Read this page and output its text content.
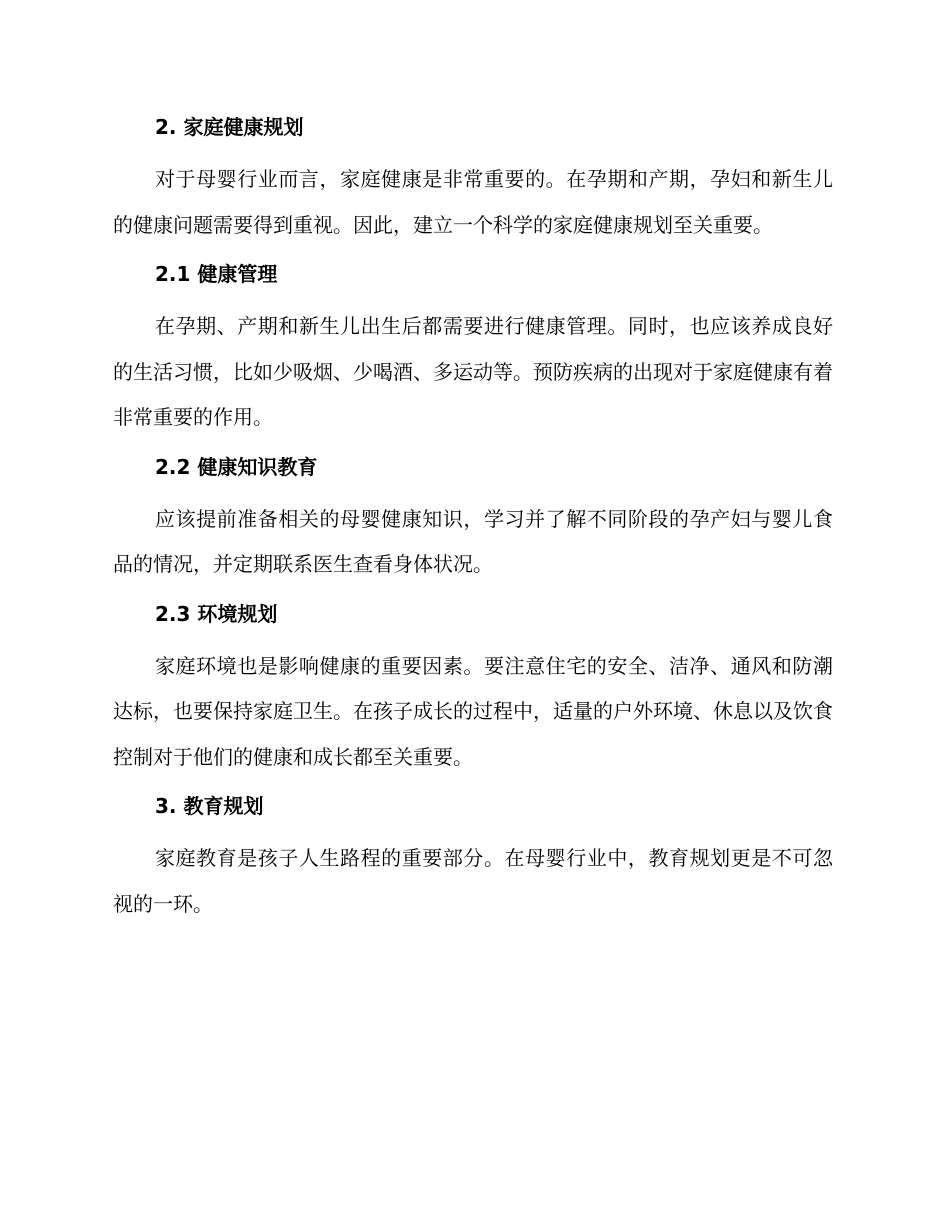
2. 家庭健康规划

对于母婴行业而言，家庭健康是非常重要的。在孕期和产期，孕妇和新生儿的健康问题需要得到重视。因此，建立一个科学的家庭健康规划至关重要。

2.1 健康管理

在孕期、产期和新生儿出生后都需要进行健康管理。同时，也应该养成良好的生活习惯，比如少吸烟、少喝酒、多运动等。预防疾病的出现对于家庭健康有着非常重要的作用。

2.2 健康知识教育

应该提前准备相关的母婴健康知识，学习并了解不同阶段的孕产妇与婴儿食品的情况，并定期联系医生查看身体状况。

2.3 环境规划

家庭环境也是影响健康的重要因素。要注意住宅的安全、洁净、通风和防潮达标，也要保持家庭卫生。在孩子成长的过程中，适量的户外环境、休息以及饮食控制对于他们的健康和成长都至关重要。

3. 教育规划

家庭教育是孩子人生路程的重要部分。在母婴行业中，教育规划更是不可忽视的一环。
